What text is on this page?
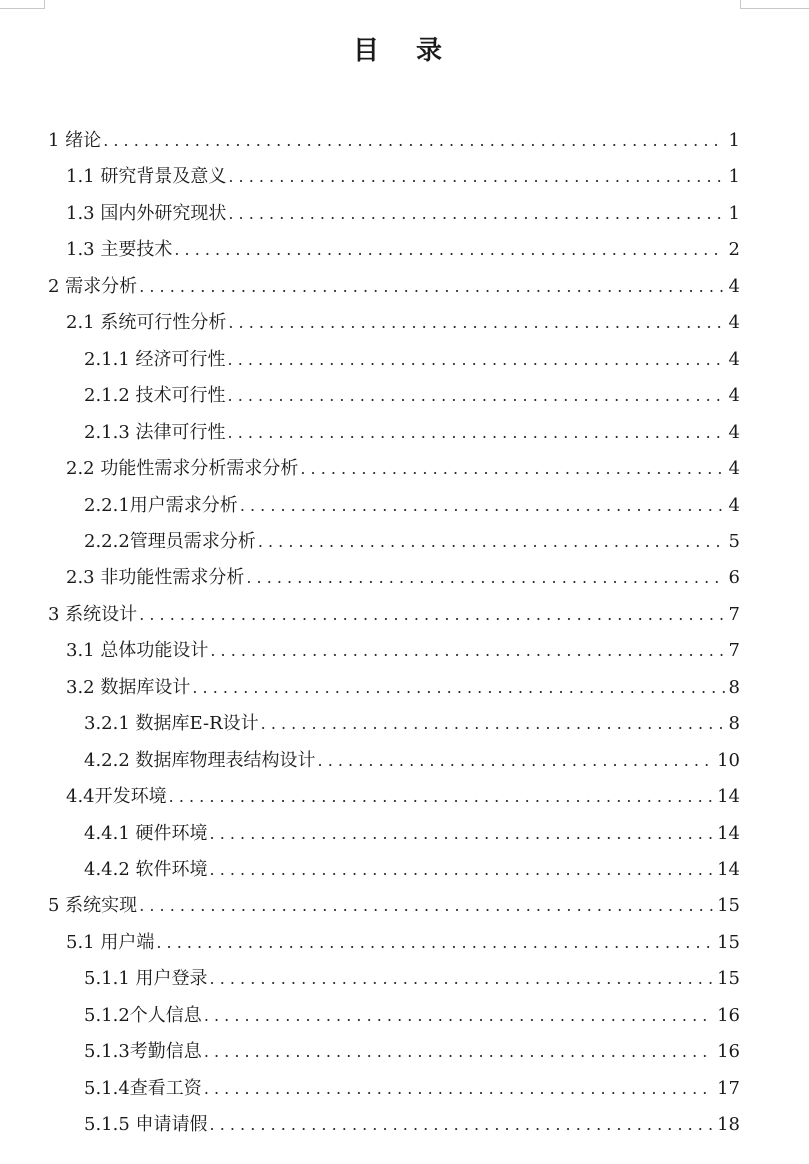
目 录
1 绪论 . . .	1
1.1 研究背景及意义 . . .	1
1.3 国内外研究现状 . . .	1
1.3 主要技术 . . .	2
2 需求分析 . . .	4
2.1 系统可行性分析 . . .	4
2.1.1 经济可行性 . . .	4
2.1.2 技术可行性 . . .	4
2.1.3 法律可行性 . . .	4
2.2 功能性需求分析需求分析 . . .	4
2.2.1用户需求分析 . . .	4
2.2.2管理员需求分析 . . .	5
2.3 非功能性需求分析 . . .	6
3 系统设计 . . .	7
3.1 总体功能设计 . . .	7
3.2 数据库设计 . . .	8
3.2.1 数据库E-R设计 . . .	8
4.2.2 数据库物理表结构设计 . . .	10
4.4开发环境 . . .	14
4.4.1 硬件环境 . . .	14
4.4.2 软件环境 . . .	14
5 系统实现 . . .	15
5.1 用户端 . . .	15
5.1.1 用户登录 . . .	15
5.1.2个人信息 . . .	16
5.1.3考勤信息 . . .	16
5.1.4查看工资 . . .	17
5.1.5 申请请假 . . .	18
